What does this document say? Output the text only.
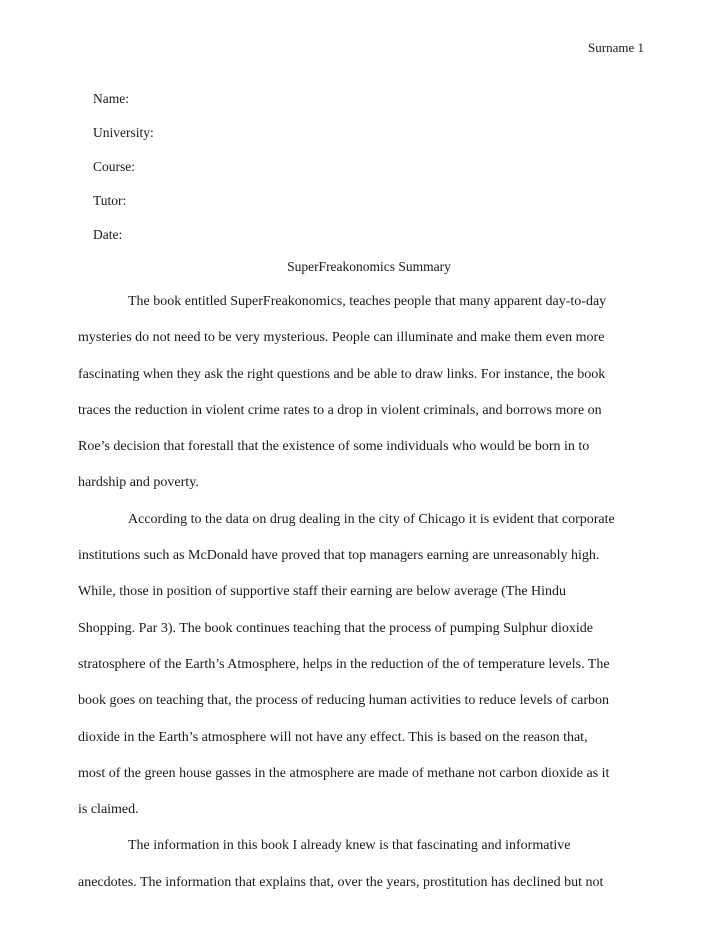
Surname 1
Name:
University:
Course:
Tutor:
Date:
SuperFreakonomics Summary

The book entitled SuperFreakonomics, teaches people that many apparent day-to-day
mysteries do not need to be very mysterious. People can illuminate and make them even more
fascinating when they ask the right questions and be able to draw links. For instance, the book
traces the reduction in violent crime rates to a drop in violent criminals, and borrows more on
Roe’s decision that forestall that the existence of some individuals who would be born in to
hardship and poverty.

According to the data on drug dealing in the city of Chicago it is evident that corporate
institutions such as McDonald have proved that top managers earning are unreasonably high.
While, those in position of supportive staff their earning are below average (The Hindu
Shopping. Par 3). The book continues teaching that the process of pumping Sulphur dioxide
stratosphere of the Earth’s Atmosphere, helps in the reduction of the of temperature levels. The
book goes on teaching that, the process of reducing human activities to reduce levels of carbon
dioxide in the Earth’s atmosphere will not have any effect. This is based on the reason that,
most of the green house gasses in the atmosphere are made of methane not carbon dioxide as it
is claimed.

The information in this book I already knew is that fascinating and informative
anecdotes. The information that explains that, over the years, prostitution has declined but not
